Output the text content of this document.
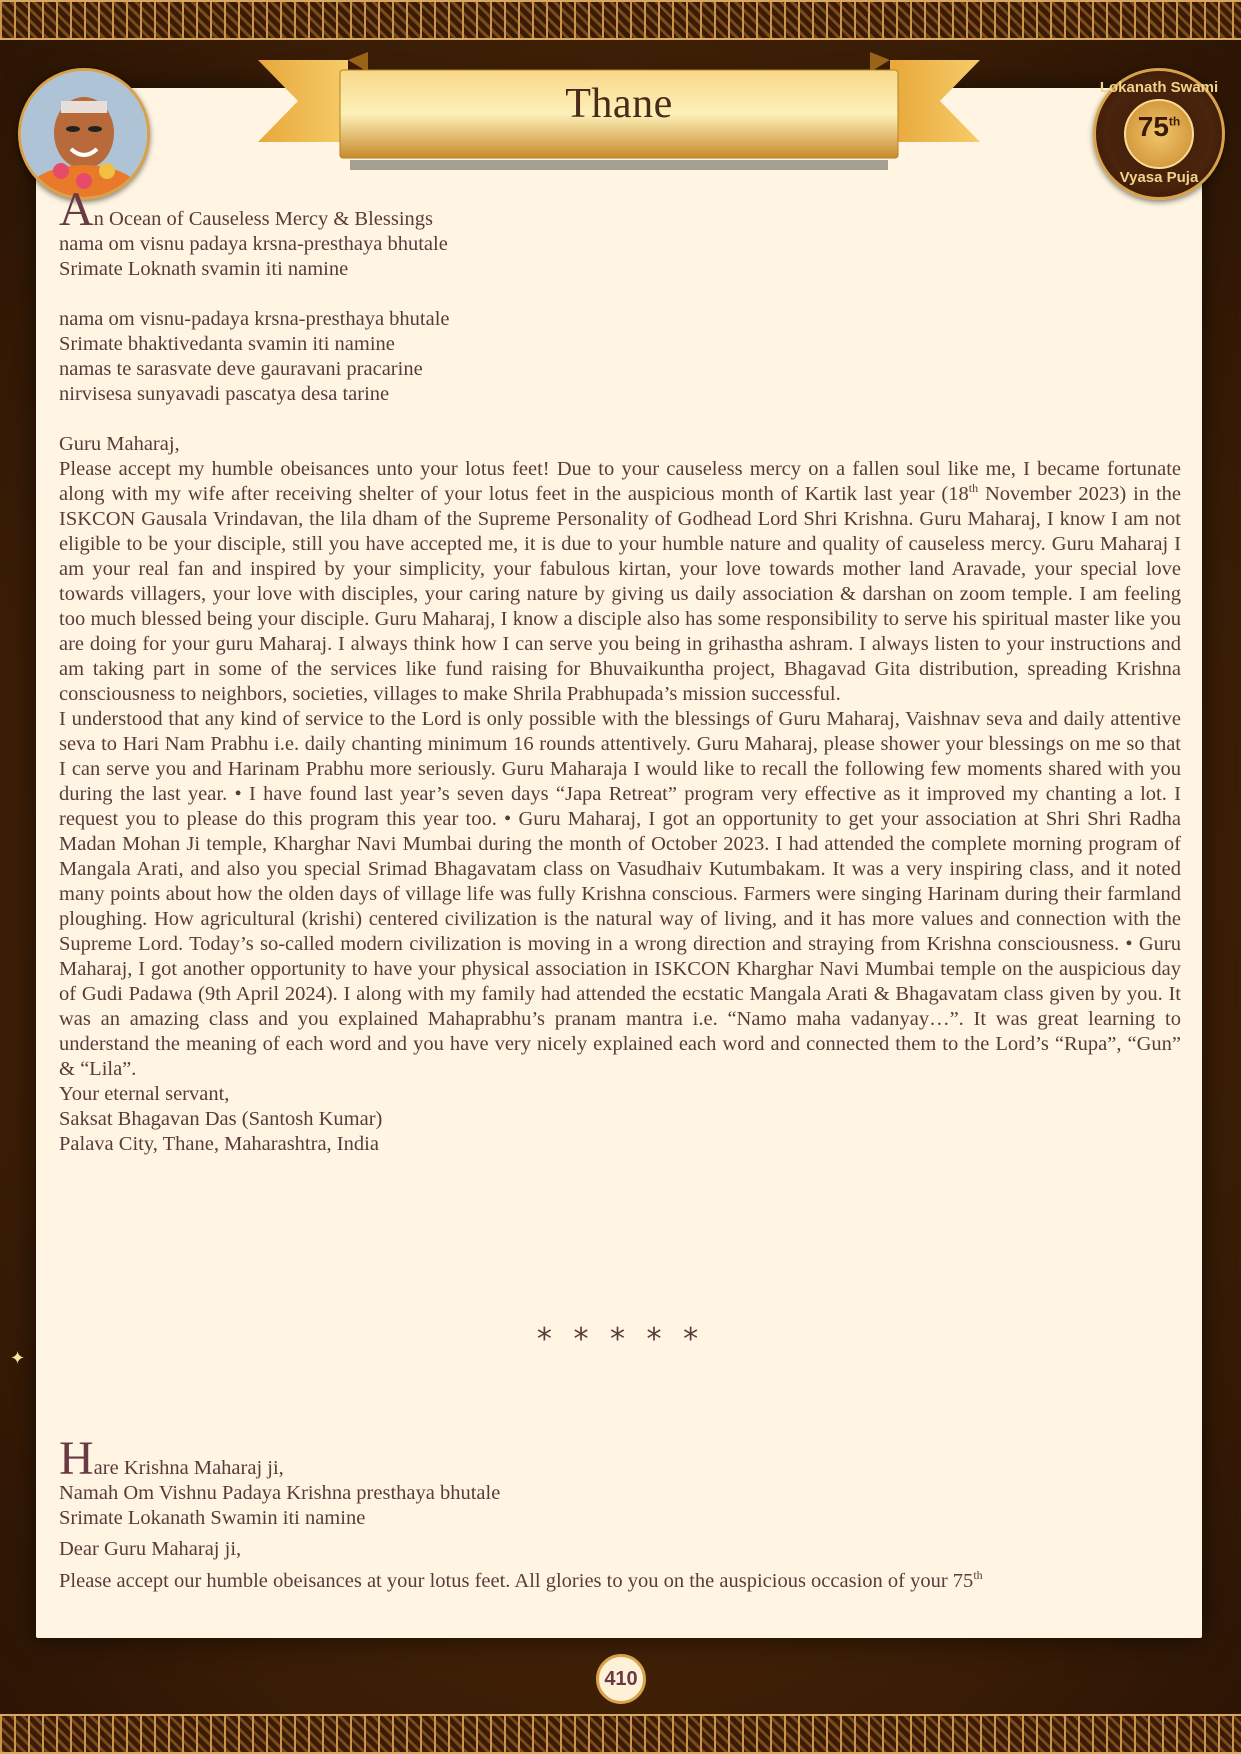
Thane	Lokanath Swami
75th
Vyasa Puja
An Ocean of Causeless Mercy & Blessings
nama om visnu padaya krsna-presthaya bhutale
Srimate Loknath svamin iti namine
nama om visnu-padaya krsna-presthaya bhutale
Srimate bhaktivedanta svamin iti namine
namas te sarasvate deve gauravani pracarine
nirvisesa sunyavadi pascatya desa tarine
Guru Maharaj,

Please accept my humble obeisances unto your lotus feet! Due to your causeless mercy on a fallen soul like me, I became fortunate along with my wife after receiving shelter of your lotus feet in the auspicious month of Kartik last year (18th November 2023) in the ISKCON Gausala Vrindavan, the lila dham of the Supreme Personality of Godhead Lord Shri Krishna. Guru Maharaj, I know I am not eligible to be your disciple, still you have accepted me, it is due to your humble nature and quality of causeless mercy. Guru Maharaj I am your real fan and inspired by your simplicity, your fabulous kirtan, your love towards mother land Aravade, your special love towards villagers, your love with disciples, your caring nature by giving us daily association & darshan on zoom temple. I am feeling too much blessed being your disciple. Guru Maharaj, I know a disciple also has some responsibility to serve his spiritual master like you are doing for your guru Maharaj. I always think how I can serve you being in grihastha ashram. I always listen to your instructions and am taking part in some of the services like fund raising for Bhuvaikuntha project, Bhagavad Gita distribution, spreading Krishna consciousness to neighbors, societies, villages to make Shrila Prabhupada’s mission successful.

I understood that any kind of service to the Lord is only possible with the blessings of Guru Maharaj, Vaishnav seva and daily attentive seva to Hari Nam Prabhu i.e. daily chanting minimum 16 rounds attentively. Guru Maharaj, please shower your blessings on me so that I can serve you and Harinam Prabhu more seriously. Guru Maharaja I would like to recall the following few moments shared with you during the last year. • I have found last year’s seven days “Japa Retreat” program very effective as it improved my chanting a lot. I request you to please do this program this year too. • Guru Maharaj, I got an opportunity to get your association at Shri Shri Radha Madan Mohan Ji temple, Kharghar Navi Mumbai during the month of October 2023. I had attended the complete morning program of Mangala Arati, and also you special Srimad Bhagavatam class on Vasudhaiv Kutumbakam. It was a very inspiring class, and it noted many points about how the olden days of village life was fully Krishna conscious. Farmers were singing Harinam during their farmland ploughing. How agricultural (krishi) centered civilization is the natural way of living, and it has more values and connection with the Supreme Lord. Today’s so-called modern civilization is moving in a wrong direction and straying from Krishna consciousness. • Guru Maharaj, I got another opportunity to have your physical association in ISKCON Kharghar Navi Mumbai temple on the auspicious day of Gudi Padawa (9th April 2024). I along with my family had attended the ecstatic Mangala Arati & Bhagavatam class given by you. It was an amazing class and you explained Mahaprabhu’s pranam mantra i.e. “Namo maha vadanyay…”. It was great learning to understand the meaning of each word and you have very nicely explained each word and connected them to the Lord’s “Rupa”, “Gun” & “Lila”.

Your eternal servant,
Saksat Bhagavan Das (Santosh Kumar)
Palava City, Thane, Maharashtra, India
✦
* * * * *
Hare Krishna Maharaj ji,
Namah Om Vishnu Padaya Krishna presthaya bhutale
Srimate Lokanath Swamin iti namine
Dear Guru Maharaj ji,
Please accept our humble obeisances at your lotus feet. All glories to you on the auspicious occasion of your 75th
410
